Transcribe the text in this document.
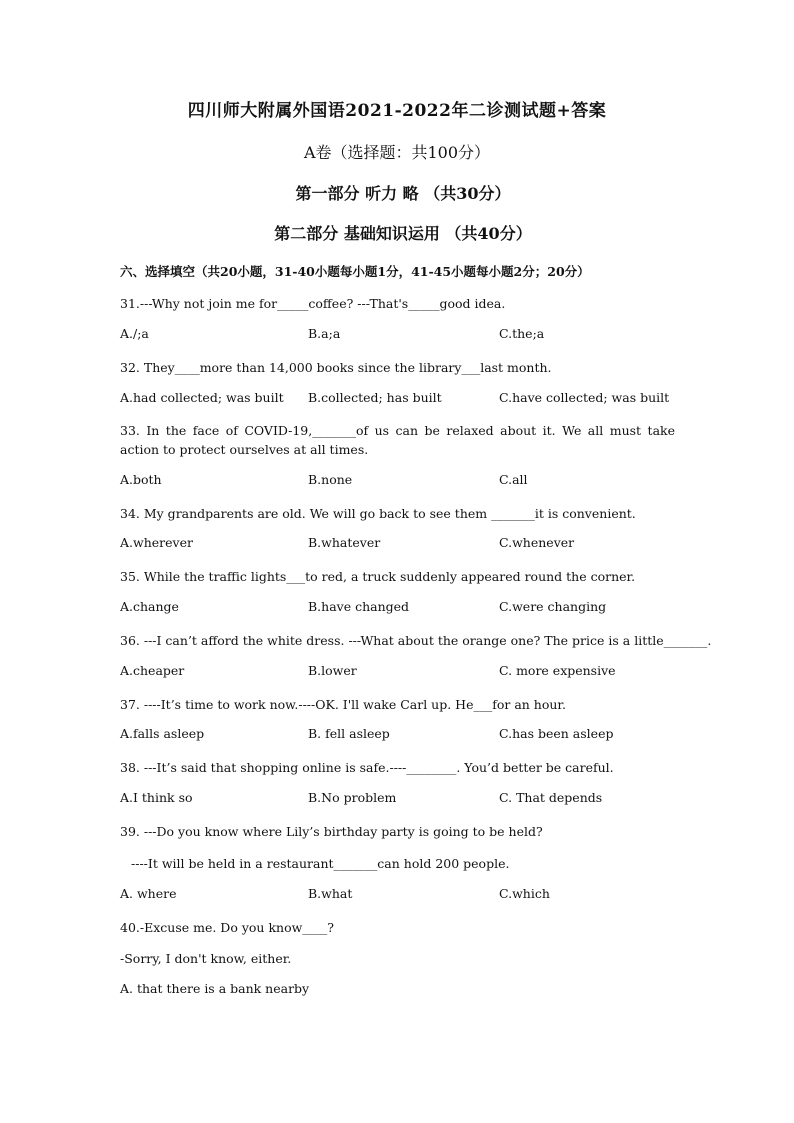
四川师大附属外国语2021-2022年二诊测试题+答案
A卷（选择题：共100分）
第一部分 听力 略 （共30分）
第二部分 基础知识运用 （共40分）
六、选择填空（共20小题，31-40小题每小题1分，41-45小题每小题2分；20分）
31.---Why not join me for_____coffee? ---That's_____good idea.
A./;a	B.a;a	C.the;a
32. They____more than 14,000 books since the library___last month.
A.had collected; was built B.collected; has built	C.have collected; was built
33. In the face of COVID-19,_______of us can be relaxed about it. We all must take action to protect ourselves at all times.
A.both	B.none	C.all
34. My grandparents are old. We will go back to see them _______it is convenient.
A.wherever	B.whatever	C.whenever
35. While the traffic lights___to red, a truck suddenly appeared round the corner.
A.change	B.have changed	C.were changing
36. ---I can’t afford the white dress. ---What about the orange one? The price is a little_______.
A.cheaper	B.lower	C. more expensive
37. ----It’s time to work now.----OK. I'll wake Carl up. He___for an hour.
A.falls asleep	B. fell asleep	C.has been asleep
38. ---It’s said that shopping online is safe.----________. You’d better be careful.
A.I think so	B.No problem	C. That depends
39. ---Do you know where Lily’s birthday party is going to be held?
----It will be held in a restaurant_______can hold 200 people.
A. where	B.what	C.which
40.-Excuse me. Do you know____?
-Sorry, I don't know, either.
A. that there is a bank nearby
